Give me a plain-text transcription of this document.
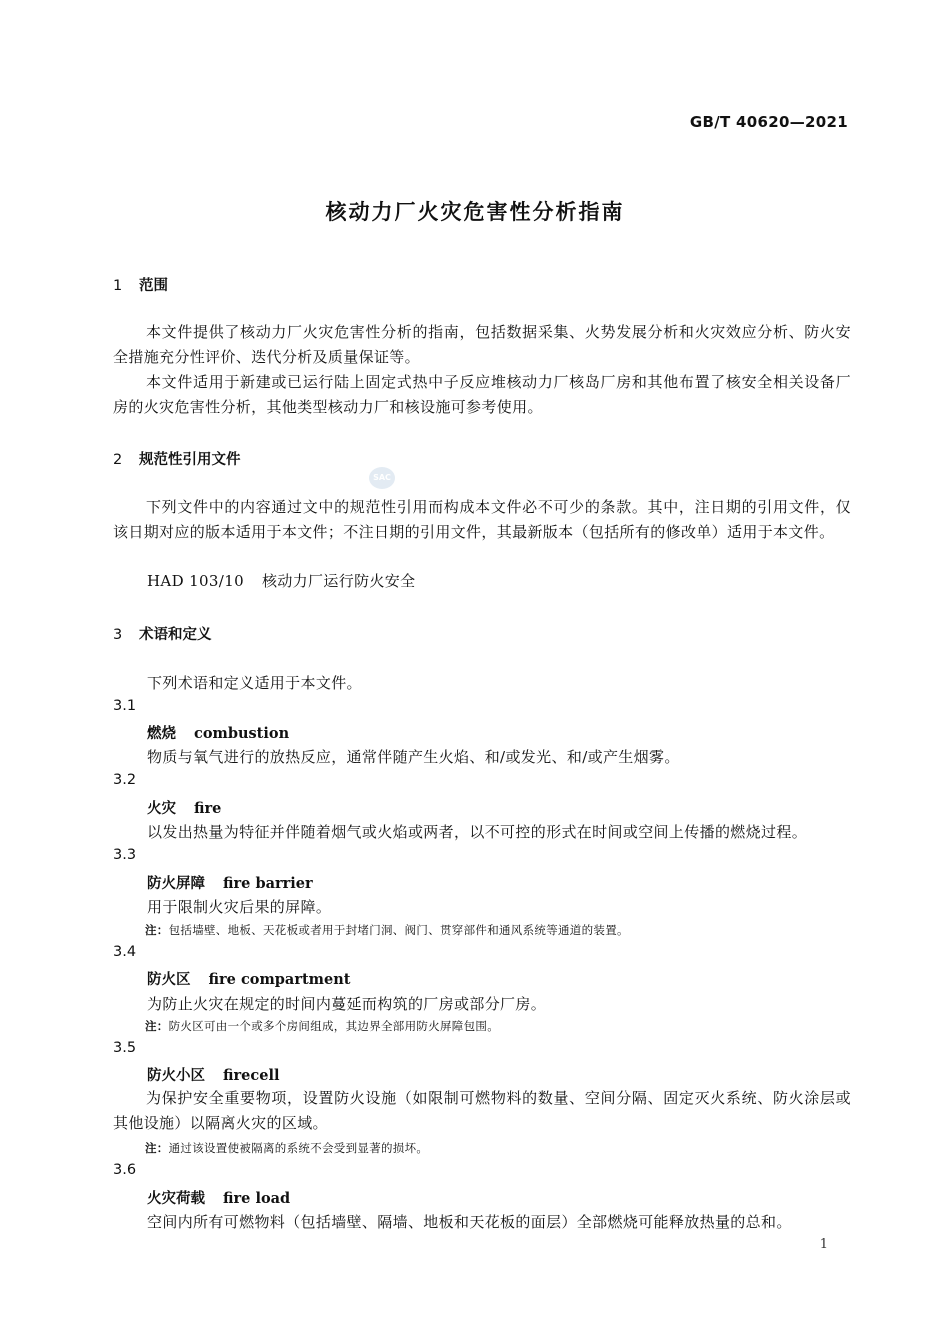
GB/T 40620—2021
核动力厂火灾危害性分析指南
1 范围
本文件提供了核动力厂火灾危害性分析的指南，包括数据采集、火势发展分析和火灾效应分析、防火安全措施充分性评价、迭代分析及质量保证等。
本文件适用于新建或已运行陆上固定式热中子反应堆核动力厂核岛厂房和其他布置了核安全相关设备厂房的火灾危害性分析，其他类型核动力厂和核设施可参考使用。
2 规范性引用文件
SAC
下列文件中的内容通过文中的规范性引用而构成本文件必不可少的条款。其中，注日期的引用文件，仅该日期对应的版本适用于本文件；不注日期的引用文件，其最新版本（包括所有的修改单）适用于本文件。
HAD 103/10 核动力厂运行防火安全
3 术语和定义
下列术语和定义适用于本文件。
3.1
燃烧 combustion
物质与氧气进行的放热反应，通常伴随产生火焰、和/或发光、和/或产生烟雾。
3.2
火灾 fire
以发出热量为特征并伴随着烟气或火焰或两者，以不可控的形式在时间或空间上传播的燃烧过程。
3.3
防火屏障 fire barrier
用于限制火灾后果的屏障。
注：包括墙壁、地板、天花板或者用于封堵门洞、阀门、贯穿部件和通风系统等通道的装置。
3.4
防火区 fire compartment
为防止火灾在规定的时间内蔓延而构筑的厂房或部分厂房。
注：防火区可由一个或多个房间组成，其边界全部用防火屏障包围。
3.5
防火小区 firecell
为保护安全重要物项，设置防火设施（如限制可燃物料的数量、空间分隔、固定灭火系统、防火涂层或其他设施）以隔离火灾的区域。
注：通过该设置使被隔离的系统不会受到显著的损坏。
3.6
火灾荷载 fire load
空间内所有可燃物料（包括墙壁、隔墙、地板和天花板的面层）全部燃烧可能释放热量的总和。
1
